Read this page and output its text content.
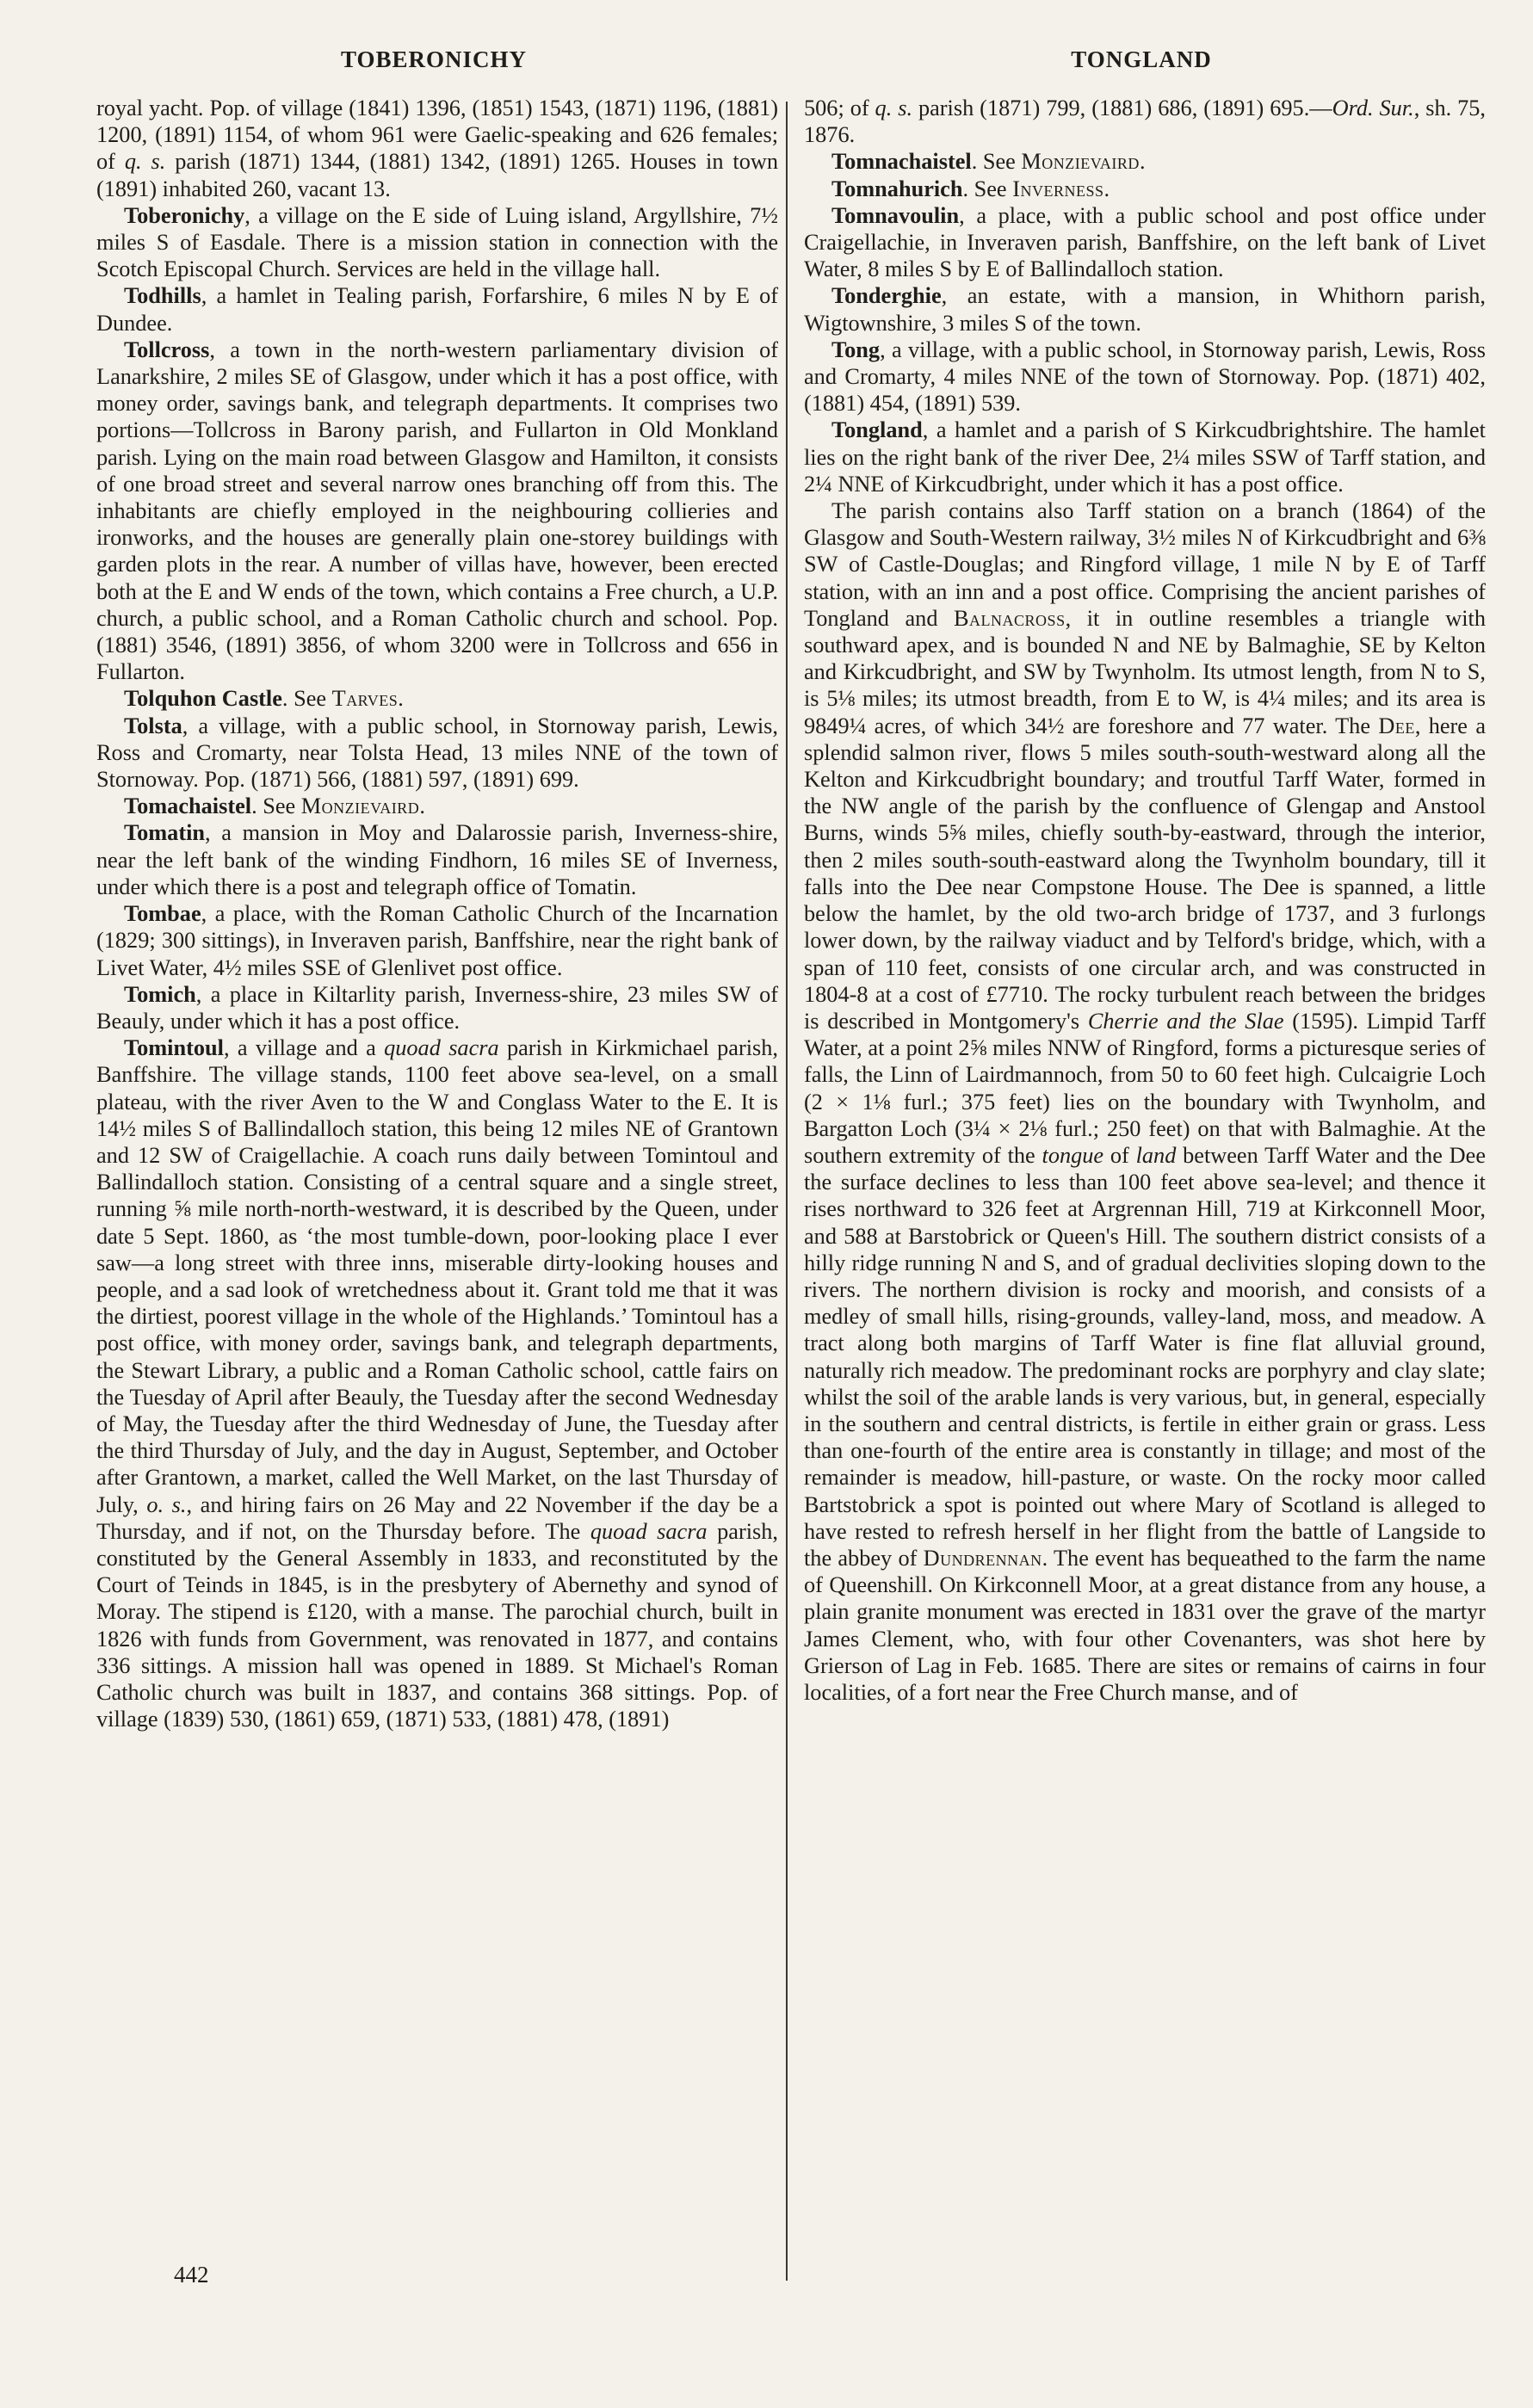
TOBERONICHY	TONGLAND

royal yacht. Pop. of village (1841) 1396, (1851) 1543, (1871) 1196, (1881) 1200, (1891) 1154, of whom 961 were Gaelic-speaking and 626 females; of q. s. parish (1871) 1344, (1881) 1342, (1891) 1265. Houses in town (1891) inhabited 260, vacant 13.

Toberonichy, a village on the E side of Luing island, Argyllshire, 7½ miles S of Easdale. There is a mission station in connection with the Scotch Episcopal Church. Services are held in the village hall.

Todhills, a hamlet in Tealing parish, Forfarshire, 6 miles N by E of Dundee.

Tollcross, a town in the north-western parliamentary division of Lanarkshire, 2 miles SE of Glasgow, under which it has a post office, with money order, savings bank, and telegraph departments. It comprises two portions—Tollcross in Barony parish, and Fullarton in Old Monkland parish. Lying on the main road between Glasgow and Hamilton, it consists of one broad street and several narrow ones branching off from this. The inhabitants are chiefly employed in the neighbouring collieries and ironworks, and the houses are generally plain one-storey buildings with garden plots in the rear. A number of villas have, however, been erected both at the E and W ends of the town, which contains a Free church, a U.P. church, a public school, and a Roman Catholic church and school. Pop. (1881) 3546, (1891) 3856, of whom 3200 were in Tollcross and 656 in Fullarton.

Tolquhon Castle. See Tarves.

Tolsta, a village, with a public school, in Stornoway parish, Lewis, Ross and Cromarty, near Tolsta Head, 13 miles NNE of the town of Stornoway. Pop. (1871) 566, (1881) 597, (1891) 699.

Tomachaistel. See Monzievaird.

Tomatin, a mansion in Moy and Dalarossie parish, Inverness-shire, near the left bank of the winding Findhorn, 16 miles SE of Inverness, under which there is a post and telegraph office of Tomatin.

Tombae, a place, with the Roman Catholic Church of the Incarnation (1829; 300 sittings), in Inveraven parish, Banffshire, near the right bank of Livet Water, 4½ miles SSE of Glenlivet post office.

Tomich, a place in Kiltarlity parish, Inverness-shire, 23 miles SW of Beauly, under which it has a post office.

Tomintoul, a village and a quoad sacra parish in Kirkmichael parish, Banffshire. The village stands, 1100 feet above sea-level, on a small plateau, with the river Aven to the W and Conglass Water to the E. It is 14½ miles S of Ballindalloch station, this being 12 miles NE of Grantown and 12 SW of Craigellachie. A coach runs daily between Tomintoul and Ballindalloch station. Consisting of a central square and a single street, running ⅝ mile north-north-westward, it is described by the Queen, under date 5 Sept. 1860, as ‘the most tumble-down, poor-looking place I ever saw—a long street with three inns, miserable dirty-looking houses and people, and a sad look of wretchedness about it. Grant told me that it was the dirtiest, poorest village in the whole of the Highlands.’ Tomintoul has a post office, with money order, savings bank, and telegraph departments, the Stewart Library, a public and a Roman Catholic school, cattle fairs on the Tuesday of April after Beauly, the Tuesday after the second Wednesday of May, the Tuesday after the third Wednesday of June, the Tuesday after the third Thursday of July, and the day in August, September, and October after Grantown, a market, called the Well Market, on the last Thursday of July, o. s., and hiring fairs on 26 May and 22 November if the day be a Thursday, and if not, on the Thursday before. The quoad sacra parish, constituted by the General Assembly in 1833, and reconstituted by the Court of Teinds in 1845, is in the presbytery of Abernethy and synod of Moray. The stipend is £120, with a manse. The parochial church, built in 1826 with funds from Government, was renovated in 1877, and contains 336 sittings. A mission hall was opened in 1889. St Michael's Roman Catholic church was built in 1837, and contains 368 sittings. Pop. of village (1839) 530, (1861) 659, (1871) 533, (1881) 478, (1891)

506; of q. s. parish (1871) 799, (1881) 686, (1891) 695.—Ord. Sur., sh. 75, 1876.

Tomnachaistel. See Monzievaird.

Tomnahurich. See Inverness.

Tomnavoulin, a place, with a public school and post office under Craigellachie, in Inveraven parish, Banffshire, on the left bank of Livet Water, 8 miles S by E of Ballindalloch station.

Tonderghie, an estate, with a mansion, in Whithorn parish, Wigtownshire, 3 miles S of the town.

Tong, a village, with a public school, in Stornoway parish, Lewis, Ross and Cromarty, 4 miles NNE of the town of Stornoway. Pop. (1871) 402, (1881) 454, (1891) 539.

Tongland, a hamlet and a parish of S Kirkcudbrightshire. The hamlet lies on the right bank of the river Dee, 2¼ miles SSW of Tarff station, and 2¼ NNE of Kirkcudbright, under which it has a post office.

The parish contains also Tarff station on a branch (1864) of the Glasgow and South-Western railway, 3½ miles N of Kirkcudbright and 6⅜ SW of Castle-Douglas; and Ringford village, 1 mile N by E of Tarff station, with an inn and a post office. Comprising the ancient parishes of Tongland and Balnacross, it in outline resembles a triangle with southward apex, and is bounded N and NE by Balmaghie, SE by Kelton and Kirkcudbright, and SW by Twynholm. Its utmost length, from N to S, is 5⅛ miles; its utmost breadth, from E to W, is 4¼ miles; and its area is 9849¼ acres, of which 34½ are foreshore and 77 water. The Dee, here a splendid salmon river, flows 5 miles south-south-westward along all the Kelton and Kirkcudbright boundary; and troutful Tarff Water, formed in the NW angle of the parish by the confluence of Glengap and Anstool Burns, winds 5⅝ miles, chiefly south-by-eastward, through the interior, then 2 miles south-south-eastward along the Twynholm boundary, till it falls into the Dee near Compstone House. The Dee is spanned, a little below the hamlet, by the old two-arch bridge of 1737, and 3 furlongs lower down, by the railway viaduct and by Telford's bridge, which, with a span of 110 feet, consists of one circular arch, and was constructed in 1804-8 at a cost of £7710. The rocky turbulent reach between the bridges is described in Montgomery's Cherrie and the Slae (1595). Limpid Tarff Water, at a point 2⅝ miles NNW of Ringford, forms a picturesque series of falls, the Linn of Lairdmannoch, from 50 to 60 feet high. Culcaigrie Loch (2 × 1⅛ furl.; 375 feet) lies on the boundary with Twynholm, and Bargatton Loch (3¼ × 2⅛ furl.; 250 feet) on that with Balmaghie. At the southern extremity of the tongue of land between Tarff Water and the Dee the surface declines to less than 100 feet above sea-level; and thence it rises northward to 326 feet at Argrennan Hill, 719 at Kirkconnell Moor, and 588 at Barstobrick or Queen's Hill. The southern district consists of a hilly ridge running N and S, and of gradual declivities sloping down to the rivers. The northern division is rocky and moorish, and consists of a medley of small hills, rising-grounds, valley-land, moss, and meadow. A tract along both margins of Tarff Water is fine flat alluvial ground, naturally rich meadow. The predominant rocks are porphyry and clay slate; whilst the soil of the arable lands is very various, but, in general, especially in the southern and central districts, is fertile in either grain or grass. Less than one-fourth of the entire area is constantly in tillage; and most of the remainder is meadow, hill-pasture, or waste. On the rocky moor called Bartstobrick a spot is pointed out where Mary of Scotland is alleged to have rested to refresh herself in her flight from the battle of Langside to the abbey of Dundrennan. The event has bequeathed to the farm the name of Queenshill. On Kirkconnell Moor, at a great distance from any house, a plain granite monument was erected in 1831 over the grave of the martyr James Clement, who, with four other Covenanters, was shot here by Grierson of Lag in Feb. 1685. There are sites or remains of cairns in four localities, of a fort near the Free Church manse, and of

442
